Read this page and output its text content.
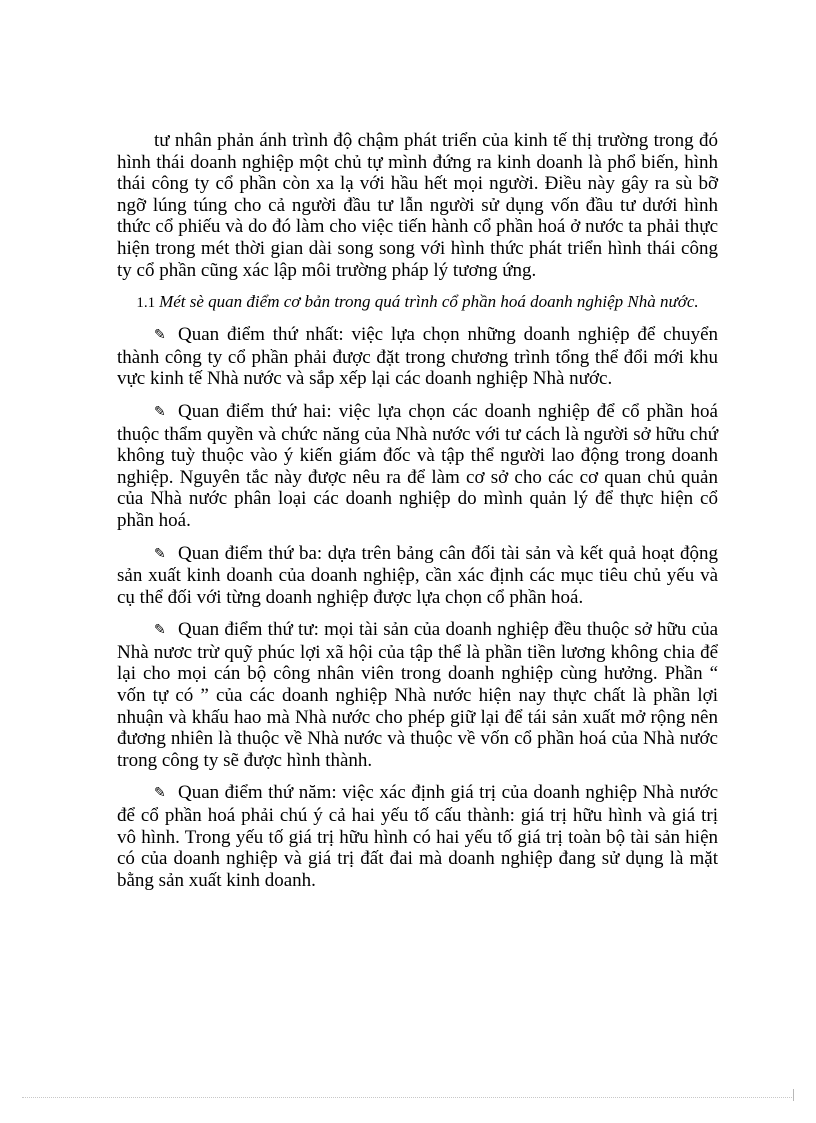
tư nhân phản ánh trình độ chậm phát triển của kinh tế thị trường trong đó hình thái doanh nghiệp một chủ tự mình đứng ra kinh doanh là phổ biến, hình thái công ty cổ phần còn xa lạ với hầu hết mọi người. Điều này gây ra sù bỡ ngỡ lúng túng cho cả người đầu tư lẫn người sử dụng vốn đầu tư dưới hình thức cổ phiếu và do đó làm cho việc tiến hành cổ phần hoá ở nước ta phải thực hiện trong mét thời gian dài song song với hình thức phát triển hình thái công ty cổ phần cũng xác lập môi trường pháp lý tương ứng.

1.1 Mét sè quan điểm cơ bản trong quá trình cổ phần hoá doanh nghiệp Nhà nước.

✎ Quan điểm thứ nhất: việc lựa chọn những doanh nghiệp để chuyển thành công ty cổ phần phải được đặt trong chương trình tổng thể đổi mới khu vực kinh tế Nhà nước và sắp xếp lại các doanh nghiệp Nhà nước.

✎ Quan điểm thứ hai: việc lựa chọn các doanh nghiệp để cổ phần hoá thuộc thẩm quyền và chức năng của Nhà nước với tư cách là người sở hữu chứ không tuỳ thuộc vào ý kiến giám đốc và tập thể người lao động trong doanh nghiệp. Nguyên tắc này được nêu ra để làm cơ sở cho các cơ quan chủ quản của Nhà nước phân loại các doanh nghiệp do mình quản lý để thực hiện cổ phần hoá.

✎ Quan điểm thứ ba: dựa trên bảng cân đối tài sản và kết quả hoạt động sản xuất kinh doanh của doanh nghiệp, cần xác định các mục tiêu chủ yếu và cụ thể đối với từng doanh nghiệp được lựa chọn cổ phần hoá.

✎ Quan điểm thứ tư: mọi tài sản của doanh nghiệp đều thuộc sở hữu của Nhà nươc trừ quỹ phúc lợi xã hội của tập thể là phần tiền lương không chia để lại cho mọi cán bộ công nhân viên trong doanh nghiệp cùng hưởng. Phần “ vốn tự có ” của các doanh nghiệp Nhà nước hiện nay thực chất là phần lợi nhuận và khấu hao mà Nhà nước cho phép giữ lại để tái sản xuất mở rộng nên đương nhiên là thuộc về Nhà nước và thuộc về vốn cổ phần hoá của Nhà nước trong công ty sẽ được hình thành.

✎ Quan điểm thứ năm: việc xác định giá trị của doanh nghiệp Nhà nước để cổ phần hoá phải chú ý cả hai yếu tố cấu thành: giá trị hữu hình và giá trị vô hình. Trong yếu tố giá trị hữu hình có hai yếu tố giá trị toàn bộ tài sản hiện có của doanh nghiệp và giá trị đất đai mà doanh nghiệp đang sử dụng là mặt bằng sản xuất kinh doanh.
